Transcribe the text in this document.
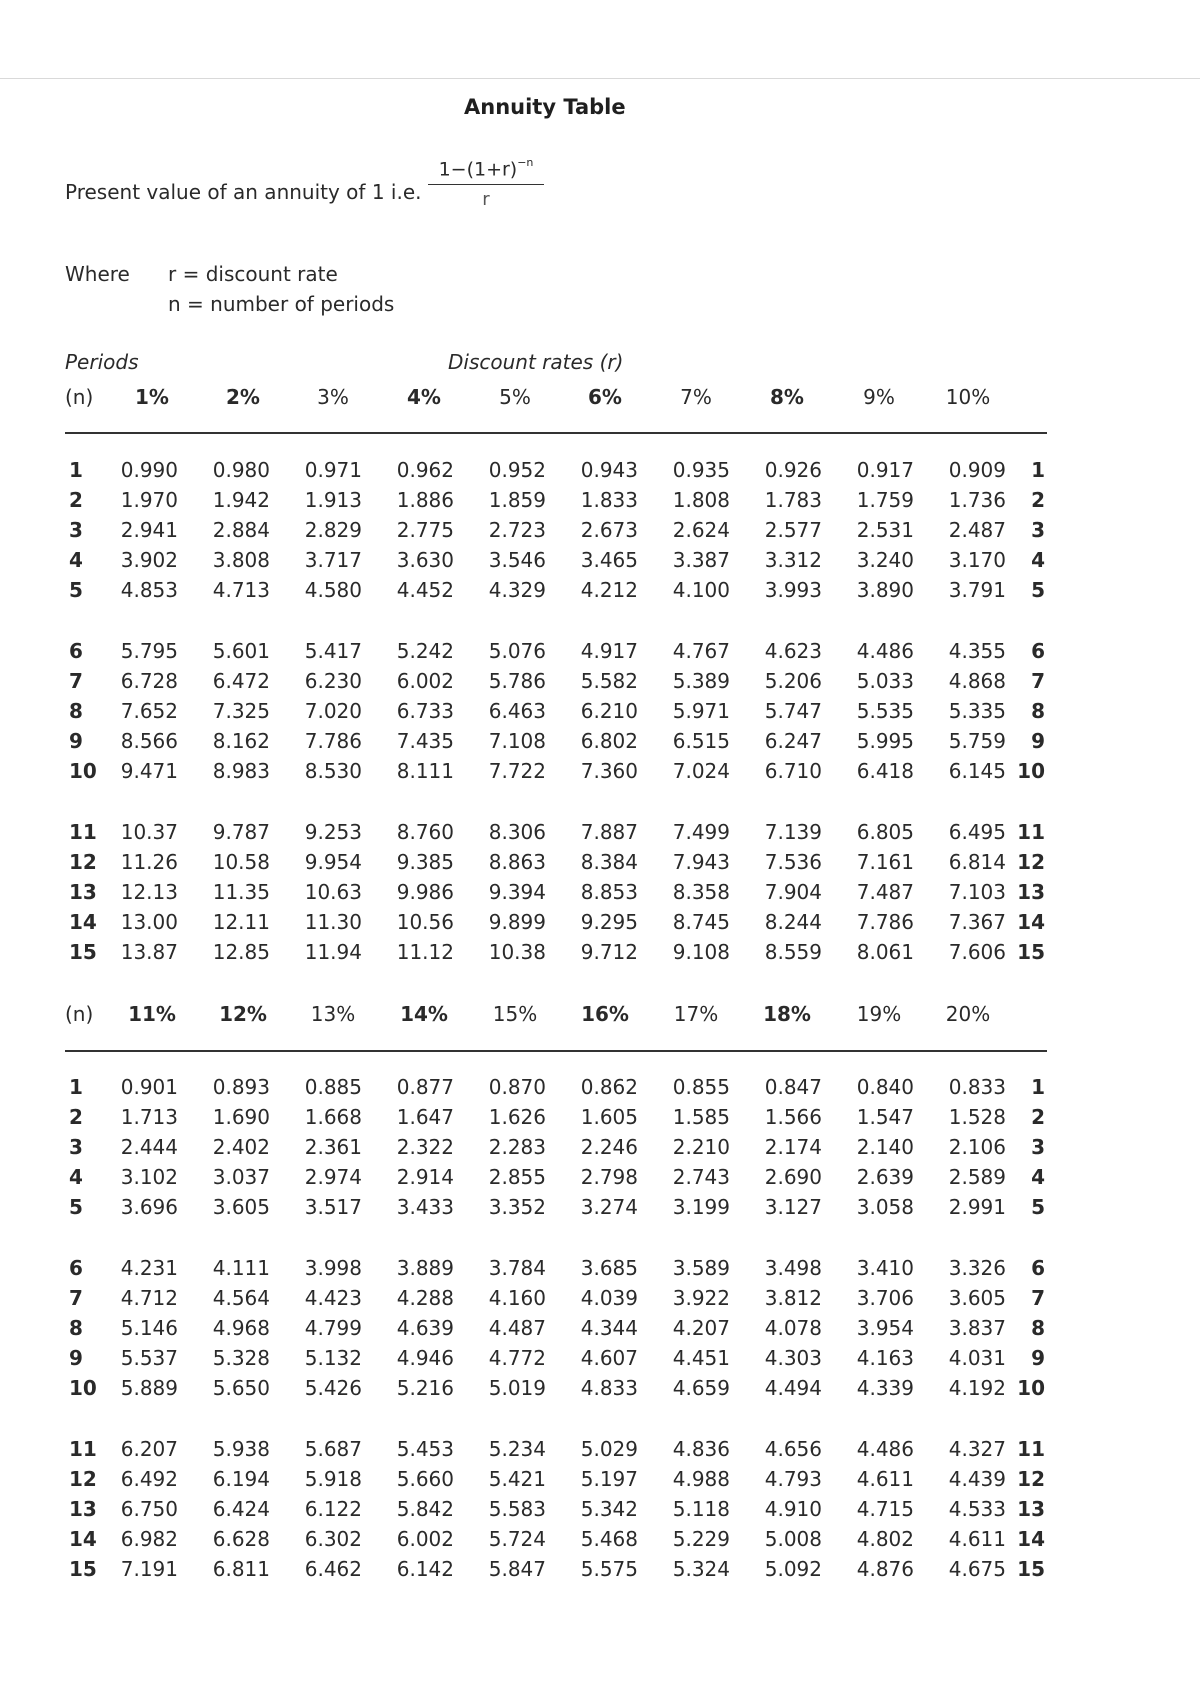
Annuity Table
Present value of an annuity of 1 i.e. $\frac{1-(1+r)^{-n}}{r}$
Where r = discount rate
n = number of periods
Periods	Discount rates (r)
(n) 1%	2%	3%	4%	5%	6%	7%	8%	9%	10%
1	0.990	0.980	0.971	0.962	0.952	0.943	0.935	0.926	0.917	0.909 1
2	1.970	1.942	1.913	1.886	1.859	1.833	1.808	1.783	1.759	1.736 2
3	2.941	2.884	2.829	2.775	2.723	2.673	2.624	2.577	2.531	2.487 3
4	3.902	3.808	3.717	3.630	3.546	3.465	3.387	3.312	3.240	3.170 4
5	4.853	4.713	4.580	4.452	4.329	4.212	4.100	3.993	3.890	3.791 5
6	5.795	5.601	5.417	5.242	5.076	4.917	4.767	4.623	4.486	4.355 6
7	6.728	6.472	6.230	6.002	5.786	5.582	5.389	5.206	5.033	4.868 7
8	7.652	7.325	7.020	6.733	6.463	6.210	5.971	5.747	5.535	5.335 8
9	8.566	8.162	7.786	7.435	7.108	6.802	6.515	6.247	5.995	5.759 9
10	9.471	8.983	8.530	8.111	7.722	7.360	7.024	6.710	6.418	6.145 10
11	10.37	9.787	9.253	8.760	8.306	7.887	7.499	7.139	6.805	6.495 11
12	11.26	10.58	9.954	9.385	8.863	8.384	7.943	7.536	7.161	6.814 12
13	12.13	11.35	10.63	9.986	9.394	8.853	8.358	7.904	7.487	7.103 13
14	13.00	12.11	11.30	10.56	9.899	9.295	8.745	8.244	7.786	7.367 14
15	13.87	12.85	11.94	11.12	10.38	9.712	9.108	8.559	8.061	7.606 15
(n) 11% 12% 13% 14% 15% 16% 17% 18% 19% 20%
1	0.901	0.893	0.885	0.877	0.870	0.862	0.855	0.847	0.840	0.833 1
2	1.713	1.690	1.668	1.647	1.626	1.605	1.585	1.566	1.547	1.528 2
3	2.444	2.402	2.361	2.322	2.283	2.246	2.210	2.174	2.140	2.106 3
4	3.102	3.037	2.974	2.914	2.855	2.798	2.743	2.690	2.639	2.589 4
5	3.696	3.605	3.517	3.433	3.352	3.274	3.199	3.127	3.058	2.991 5
6	4.231	4.111	3.998	3.889	3.784	3.685	3.589	3.498	3.410	3.326 6
7	4.712	4.564	4.423	4.288	4.160	4.039	3.922	3.812	3.706	3.605 7
8	5.146	4.968	4.799	4.639	4.487	4.344	4.207	4.078	3.954	3.837 8
9	5.537	5.328	5.132	4.946	4.772	4.607	4.451	4.303	4.163	4.031 9
10	5.889	5.650	5.426	5.216	5.019	4.833	4.659	4.494	4.339	4.192 10
11	6.207	5.938	5.687	5.453	5.234	5.029	4.836	4.656	4.486	4.327 11
12	6.492	6.194	5.918	5.660	5.421	5.197	4.988	4.793	4.611	4.439 12
13	6.750	6.424	6.122	5.842	5.583	5.342	5.118	4.910	4.715	4.533 13
14	6.982	6.628	6.302	6.002	5.724	5.468	5.229	5.008	4.802	4.611 14
15	7.191	6.811	6.462	6.142	5.847	5.575	5.324	5.092	4.876	4.675 15
